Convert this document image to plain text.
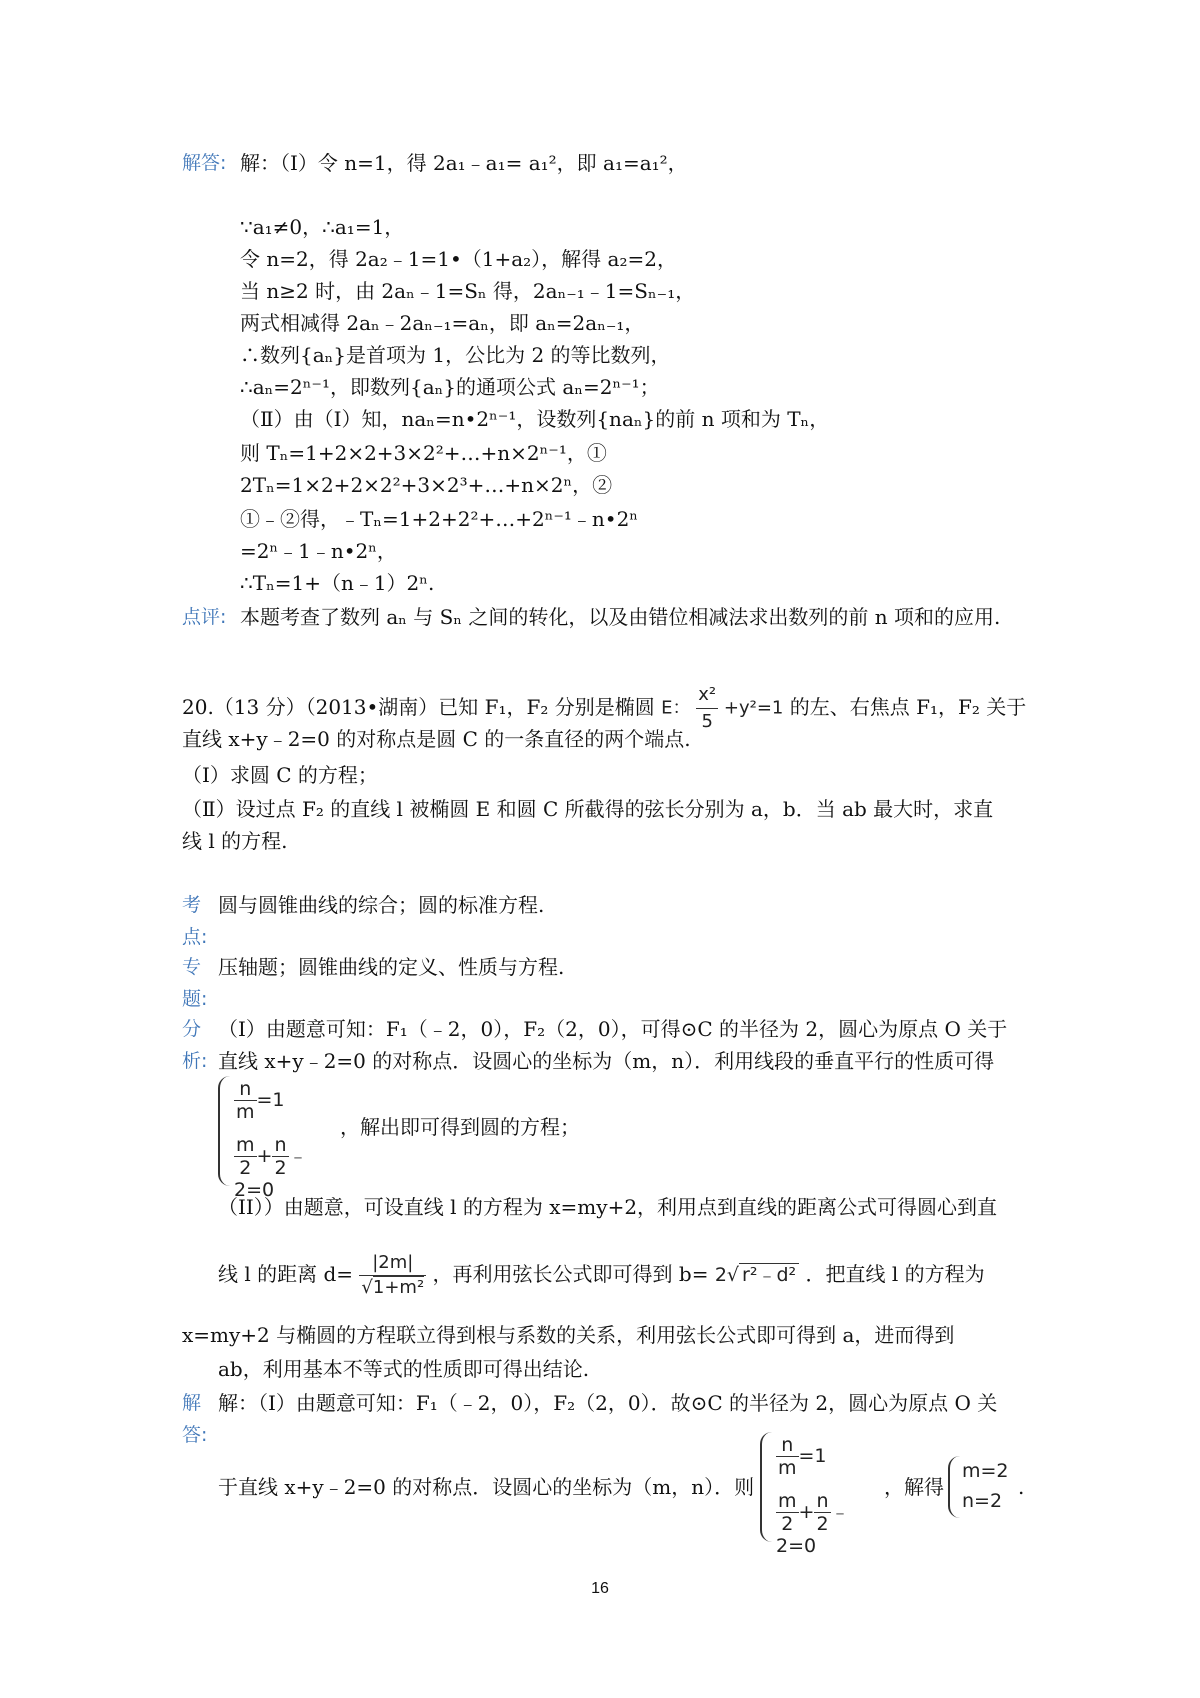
解答: 解：（Ⅰ）令 n=1，得 2a₁﹣a₁= a₁²，即 a₁=a₁²，
∵a₁≠0，∴a₁=1，
令 n=2，得 2a₂﹣1=1•（1+a₂），解得 a₂=2，
当 n≥2 时，由 2aₙ﹣1=Sₙ 得，2aₙ₋₁﹣1=Sₙ₋₁，
两式相减得 2aₙ﹣2aₙ₋₁=aₙ，即 aₙ=2aₙ₋₁，
∴数列{aₙ}是首项为 1，公比为 2 的等比数列，
∴aₙ=2ⁿ⁻¹，即数列{aₙ}的通项公式 aₙ=2ⁿ⁻¹；
（Ⅱ）由（Ⅰ）知，naₙ=n•2ⁿ⁻¹，设数列{naₙ}的前 n 项和为 Tₙ，
则 Tₙ=1+2×2+3×2²+…+n×2ⁿ⁻¹，①
2Tₙ=1×2+2×2²+3×2³+…+n×2ⁿ，②
①﹣②得，﹣Tₙ=1+2+2²+…+2ⁿ⁻¹﹣n•2ⁿ
=2ⁿ﹣1﹣n•2ⁿ，
∴Tₙ=1+（n﹣1）2ⁿ.
点评: 本题考查了数列 aₙ 与 Sₙ 之间的转化，以及由错位相减法求出数列的前 n 项和的应用.
20.（13 分）（2013•湖南）已知 F₁，F₂ 分别是椭圆 E： $\frac{\text{x²}}{5} +y^2=1$ 的左、右焦点 F₁，F₂ 关于
直线 x+y﹣2=0 的对称点是圆 C 的一条直径的两个端点.
（Ⅰ）求圆 C 的方程；
（Ⅱ）设过点 F₂ 的直线 l 被椭圆 E 和圆 C 所截得的弦长分别为 a，b．当 ab 最大时，求直
线 l 的方程.
考
点:
圆与圆锥曲线的综合；圆的标准方程.
专
题:
压轴题；圆锥曲线的定义、性质与方程.
分
析:
（I）由题意可知：F₁（﹣2，0），F₂（2，0），可得⊙C 的半径为 2，圆心为原点 O 关于
直线 x+y﹣2=0 的对称点．设圆心的坐标为（m，n）．利用线段的垂直平行的性质可得
$\frac{n}{m} =1$
$\frac{m}{2} + \frac{n}{2}$ ﹣2=0
，解出即可得到圆的方程；
（II））由题意，可设直线 l 的方程为 x=my+2，利用点到直线的距离公式可得圆心到直
线 l 的距离 $d= \frac{|2m|}{\text{√1+m²}}$ ，再利用弦长公式即可得到 b= 2√ r²﹣d² ．把直线 l 的方程为
x=my+2 与椭圆的方程联立得到根与系数的关系，利用弦长公式即可得到 a，进而得到
ab，利用基本不等式的性质即可得出结论.
解
答:
解：（I）由题意可知：F₁（﹣2，0），F₂（2，0）．故⊙C 的半径为 2，圆心为原点 O 关
于直线 x+y﹣2=0 的对称点．设圆心的坐标为（m，n）．则
$\frac{n}{m} =1$
$\frac{m}{2} + \frac{n}{2}$ ﹣2=0
，解得
m=2
n=2
.
16
